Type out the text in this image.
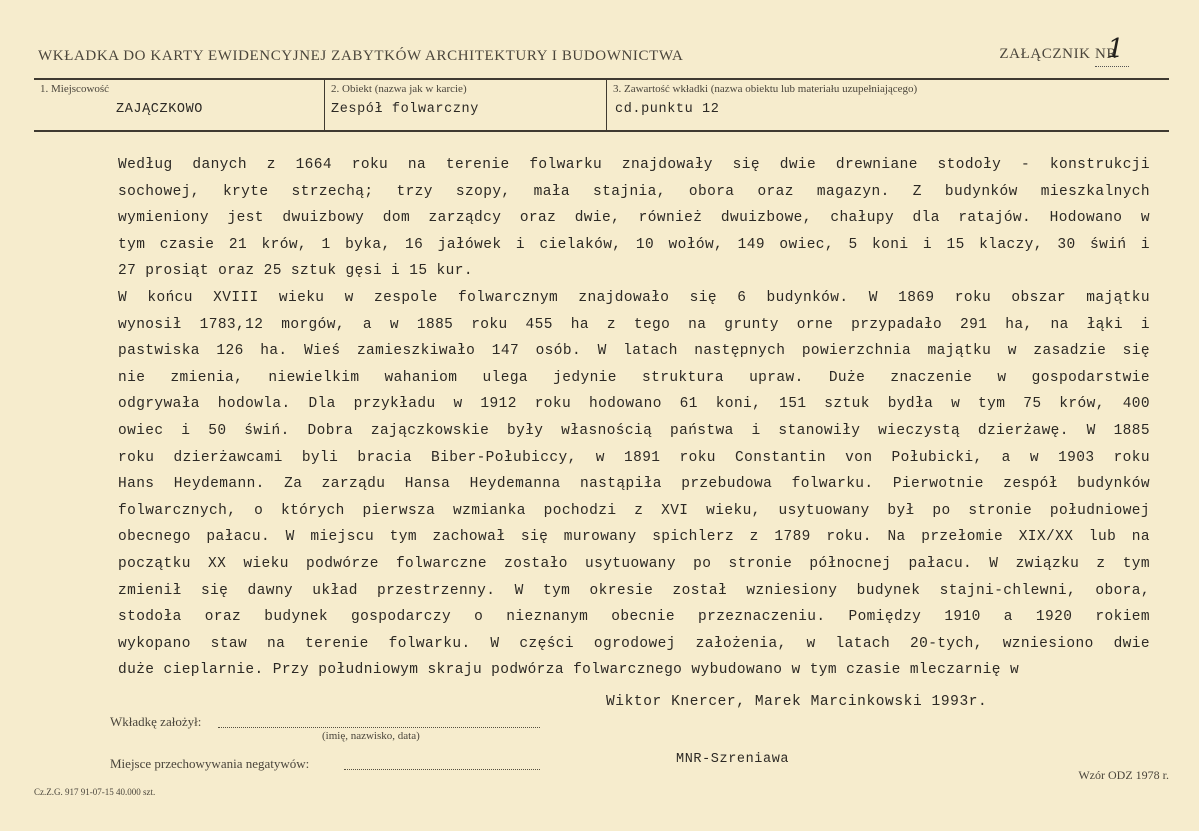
WKŁADKA DO KARTY EWIDENCYJNEJ ZABYTKÓW ARCHITEKTURY I BUDOWNICTWA	ZAŁĄCZNIK NR
1
1. Miejscowość
ZAJĄCZKOWO
2. Obiekt (nazwa jak w karcie)
Zespół folwarczny
3. Zawartość wkładki (nazwa obiektu lub materiału uzupełniającego)
cd.punktu 12
Według danych z 1664 roku na terenie folwarku znajdowały się dwie drewniane stodoły - konstrukcji
sochowej, kryte strzechą; trzy szopy, mała stajnia, obora oraz magazyn. Z budynków mieszkalnych
wymieniony jest dwuizbowy dom zarządcy oraz dwie, również dwuizbowe, chałupy dla ratajów. Hodowano w
tym czasie 21 krów, 1 byka, 16 jałówek i cielaków, 10 wołów, 149 owiec, 5 koni i 15 klaczy, 30 świń i
27 prosiąt oraz 25 sztuk gęsi i 15 kur.
W końcu XVIII wieku w zespole folwarcznym znajdowało się 6 budynków. W 1869 roku obszar majątku
wynosił 1783,12 morgów, a w 1885 roku 455 ha z tego na grunty orne przypadało 291 ha, na łąki i
pastwiska 126 ha. Wieś zamieszkiwało 147 osób. W latach następnych powierzchnia majątku w zasadzie się
nie zmienia, niewielkim wahaniom ulega jedynie struktura upraw. Duże znaczenie w gospodarstwie
odgrywała hodowla. Dla przykładu w 1912 roku hodowano 61 koni, 151 sztuk bydła w tym 75 krów, 400
owiec i 50 świń. Dobra zajączkowskie były własnością państwa i stanowiły wieczystą dzierżawę. W 1885
roku dzierżawcami byli bracia Biber-Połubiccy, w 1891 roku Constantin von Połubicki, a w 1903 roku
Hans Heydemann. Za zarządu Hansa Heydemanna nastąpiła przebudowa folwarku. Pierwotnie zespół budynków
folwarcznych, o których pierwsza wzmianka pochodzi z XVI wieku, usytuowany był po stronie południowej
obecnego pałacu. W miejscu tym zachował się murowany spichlerz z 1789 roku. Na przełomie XIX/XX lub na
początku XX wieku podwórze folwarczne zostało usytuowany po stronie północnej pałacu. W związku z tym
zmienił się dawny układ przestrzenny. W tym okresie został wzniesiony budynek stajni-chlewni, obora,
stodoła oraz budynek gospodarczy o nieznanym obecnie przeznaczeniu. Pomiędzy 1910 a 1920 rokiem
wykopano staw na terenie folwarku. W części ogrodowej założenia, w latach 20-tych, wzniesiono dwie
duże cieplarnie. Przy południowym skraju podwórza folwarcznego wybudowano w tym czasie mleczarnię w
Wiktor Knercer, Marek Marcinkowski 1993r.
Wkładkę założył:
(imię, nazwisko, data)
Miejsce przechowywania negatywów:	MNR-Szreniawa
Wzór ODZ 1978 r.
Cz.Z.G. 917 91-07-15 40.000 szt.
